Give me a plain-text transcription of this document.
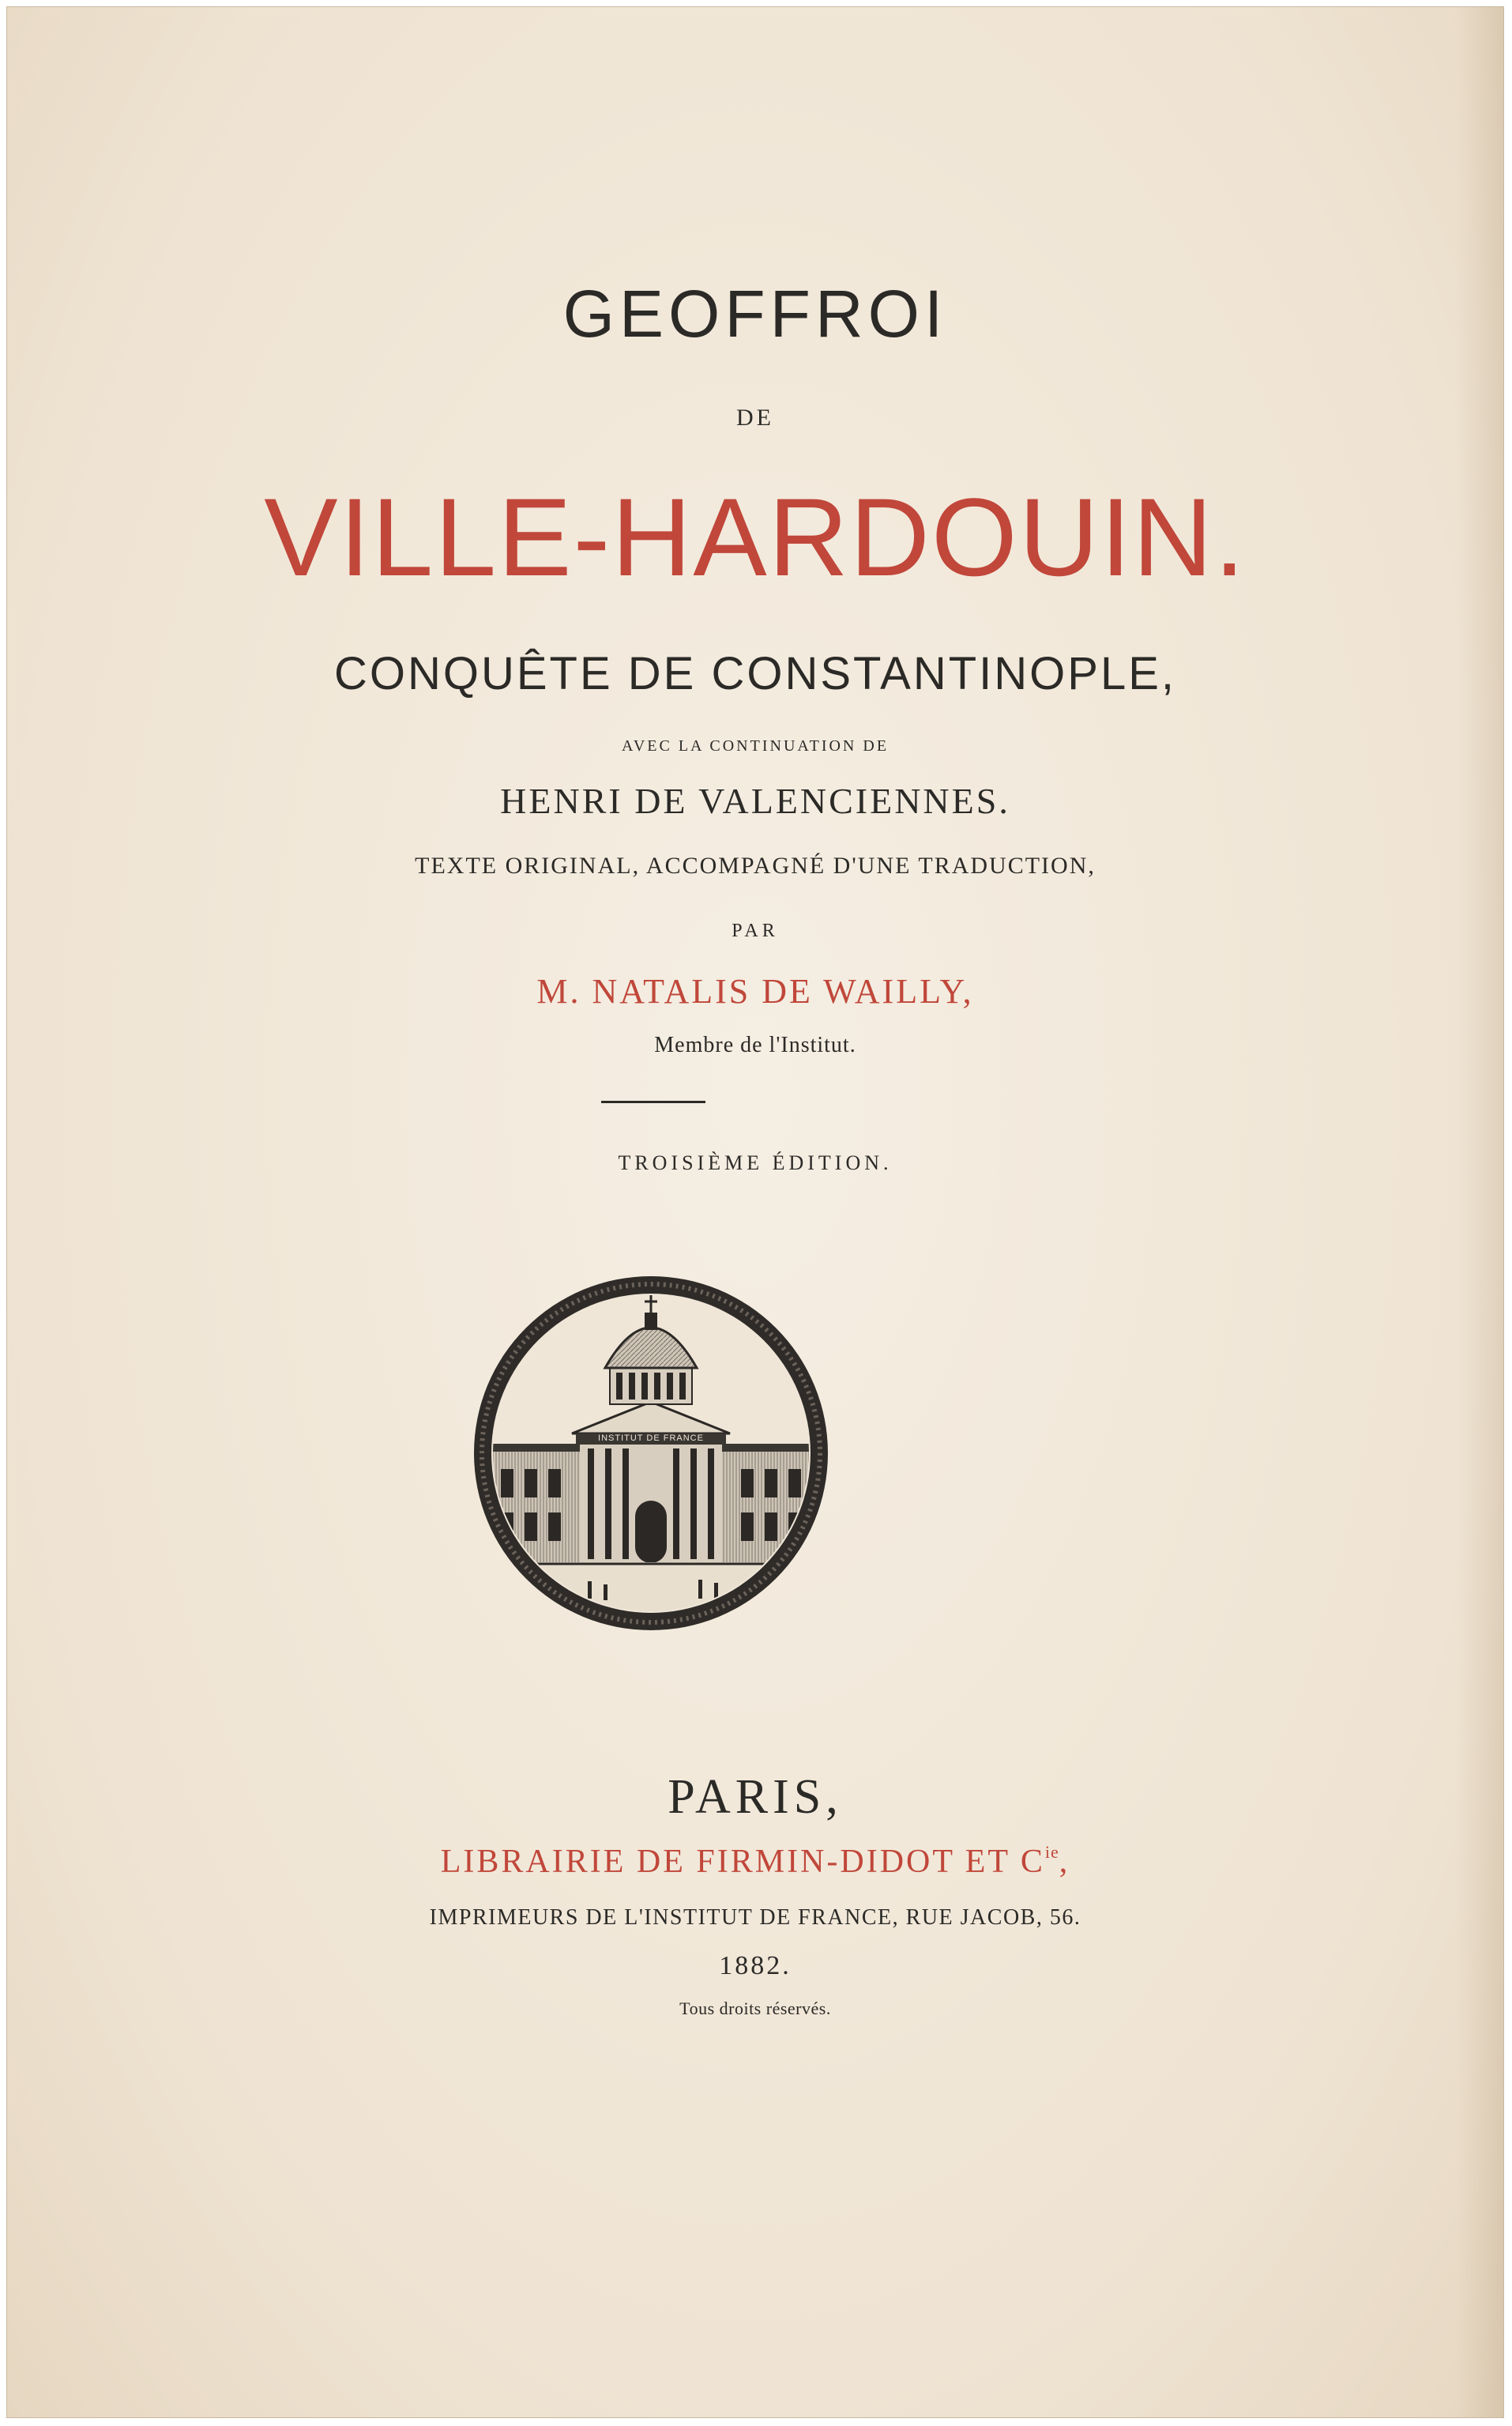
GEOFFROI
DE
VILLE-HARDOUIN.
CONQUÊTE DE CONSTANTINOPLE,
AVEC LA CONTINUATION DE
HENRI DE VALENCIENNES.
TEXTE ORIGINAL, ACCOMPAGNÉ D'UNE TRADUCTION,
PAR
M. NATALIS DE WAILLY,
Membre de l'Institut.
TROISIÈME ÉDITION.
INSTITUT DE FRANCE
PARIS,
LIBRAIRIE DE FIRMIN-DIDOT ET $C^{ie}$,
IMPRIMEURS DE L'INSTITUT DE FRANCE, RUE JACOB, 56.
1882.
Tous droits réservés.
